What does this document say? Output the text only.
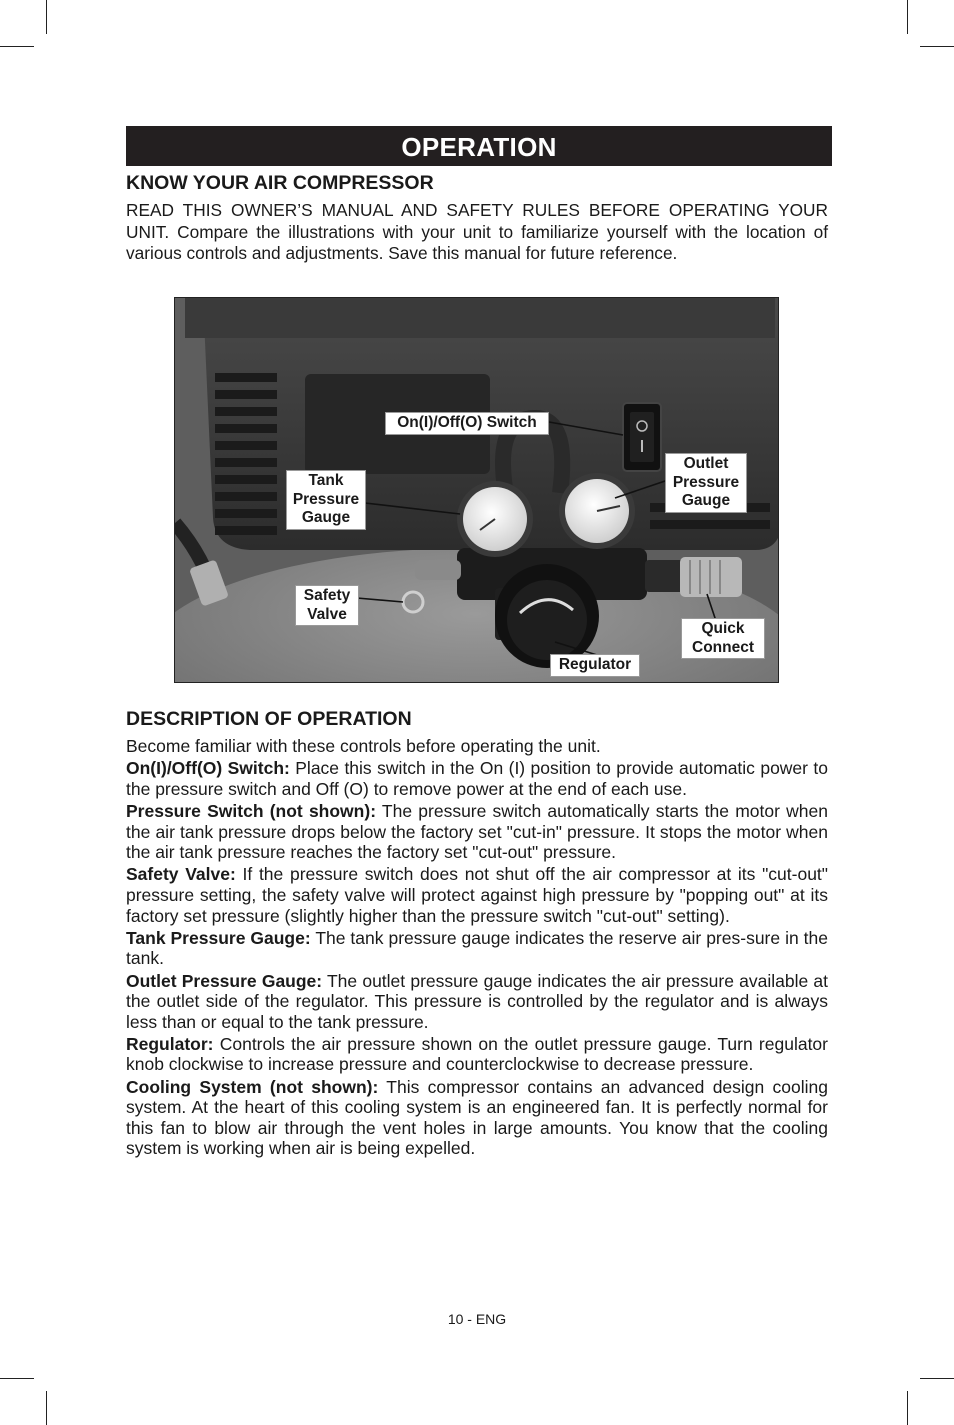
OPERATION
KNOW YOUR AIR COMPRESSOR
READ THIS OWNER’S MANUAL AND SAFETY RULES BEFORE OPERATING YOUR UNIT. Compare the illustrations with your unit to familiarize yourself with the location of various controls and adjustments. Save this manual for future reference.
On(I)/Off(O) Switch
Tank Pressure Gauge
Outlet Pressure Gauge
Safety Valve
Quick Connect
Regulator
DESCRIPTION OF OPERATION

Become familiar with these controls before operating the unit.

On(I)/Off(O) Switch: Place this switch in the On (I) position to provide automatic power to the pressure switch and Off (O) to remove power at the end of each use.

Pressure Switch (not shown): The pressure switch automatically starts the motor when the air tank pressure drops below the factory set "cut-in" pressure. It stops the motor when the air tank pressure reaches the factory set "cut-out" pressure.

Safety Valve: If the pressure switch does not shut off the air compressor at its "cut-out" pressure setting, the safety valve will protect against high pressure by "popping out" at its factory set pressure (slightly higher than the pressure switch "cut-out" setting).

Tank Pressure Gauge: The tank pressure gauge indicates the reserve air pres-sure in the tank.

Outlet Pressure Gauge: The outlet pressure gauge indicates the air pressure available at the outlet side of the regulator. This pressure is controlled by the regulator and is always less than or equal to the tank pressure.

Regulator: Controls the air pressure shown on the outlet pressure gauge. Turn regulator knob clockwise to increase pressure and counterclockwise to decrease pressure.

Cooling System (not shown): This compressor contains an advanced design cooling system. At the heart of this cooling system is an engineered fan. It is perfectly normal for this fan to blow air through the vent holes in large amounts. You know that the cooling system is working when air is being expelled.

10 - ENG
